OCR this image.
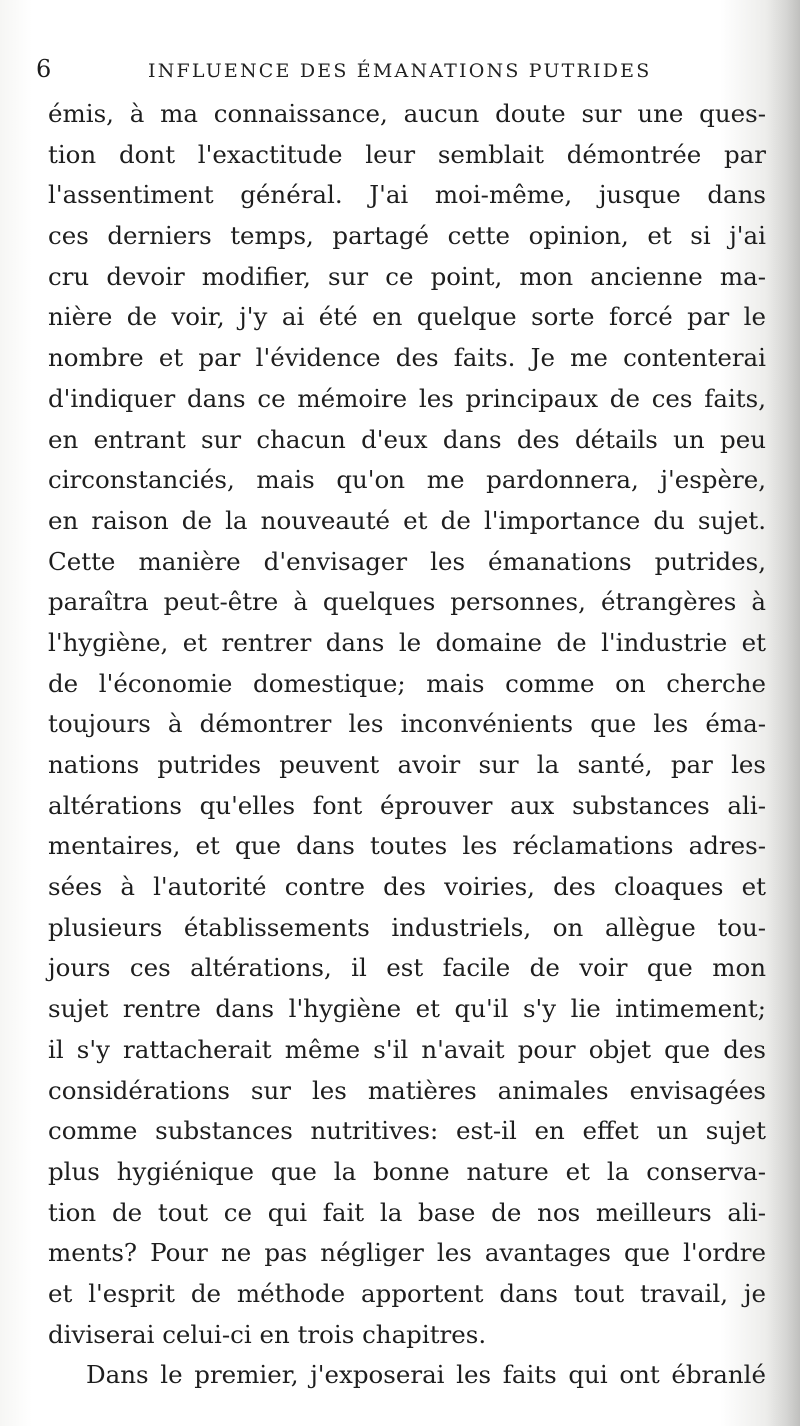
6	INFLUENCE DES ÉMANATIONS PUTRIDES
émis, à ma connaissance, aucun doute sur une ques-
tion dont l'exactitude leur semblait démontrée par
l'assentiment général. J'ai moi-même, jusque dans
ces derniers temps, partagé cette opinion, et si j'ai
cru devoir modifier, sur ce point, mon ancienne ma-
nière de voir, j'y ai été en quelque sorte forcé par le
nombre et par l'évidence des faits. Je me contenterai
d'indiquer dans ce mémoire les principaux de ces faits,
en entrant sur chacun d'eux dans des détails un peu
circonstanciés, mais qu'on me pardonnera, j'espère,
en raison de la nouveauté et de l'importance du sujet.
Cette manière d'envisager les émanations putrides,
paraîtra peut-être à quelques personnes, étrangères à
l'hygiène, et rentrer dans le domaine de l'industrie et
de l'économie domestique; mais comme on cherche
toujours à démontrer les inconvénients que les éma-
nations putrides peuvent avoir sur la santé, par les
altérations qu'elles font éprouver aux substances ali-
mentaires, et que dans toutes les réclamations adres-
sées à l'autorité contre des voiries, des cloaques et
plusieurs établissements industriels, on allègue tou-
jours ces altérations, il est facile de voir que mon
sujet rentre dans l'hygiène et qu'il s'y lie intimement;
il s'y rattacherait même s'il n'avait pour objet que des
considérations sur les matières animales envisagées
comme substances nutritives: est-il en effet un sujet
plus hygiénique que la bonne nature et la conserva-
tion de tout ce qui fait la base de nos meilleurs ali-
ments? Pour ne pas négliger les avantages que l'ordre
et l'esprit de méthode apportent dans tout travail, je
diviserai celui-ci en trois chapitres.
Dans le premier, j'exposerai les faits qui ont ébranlé
